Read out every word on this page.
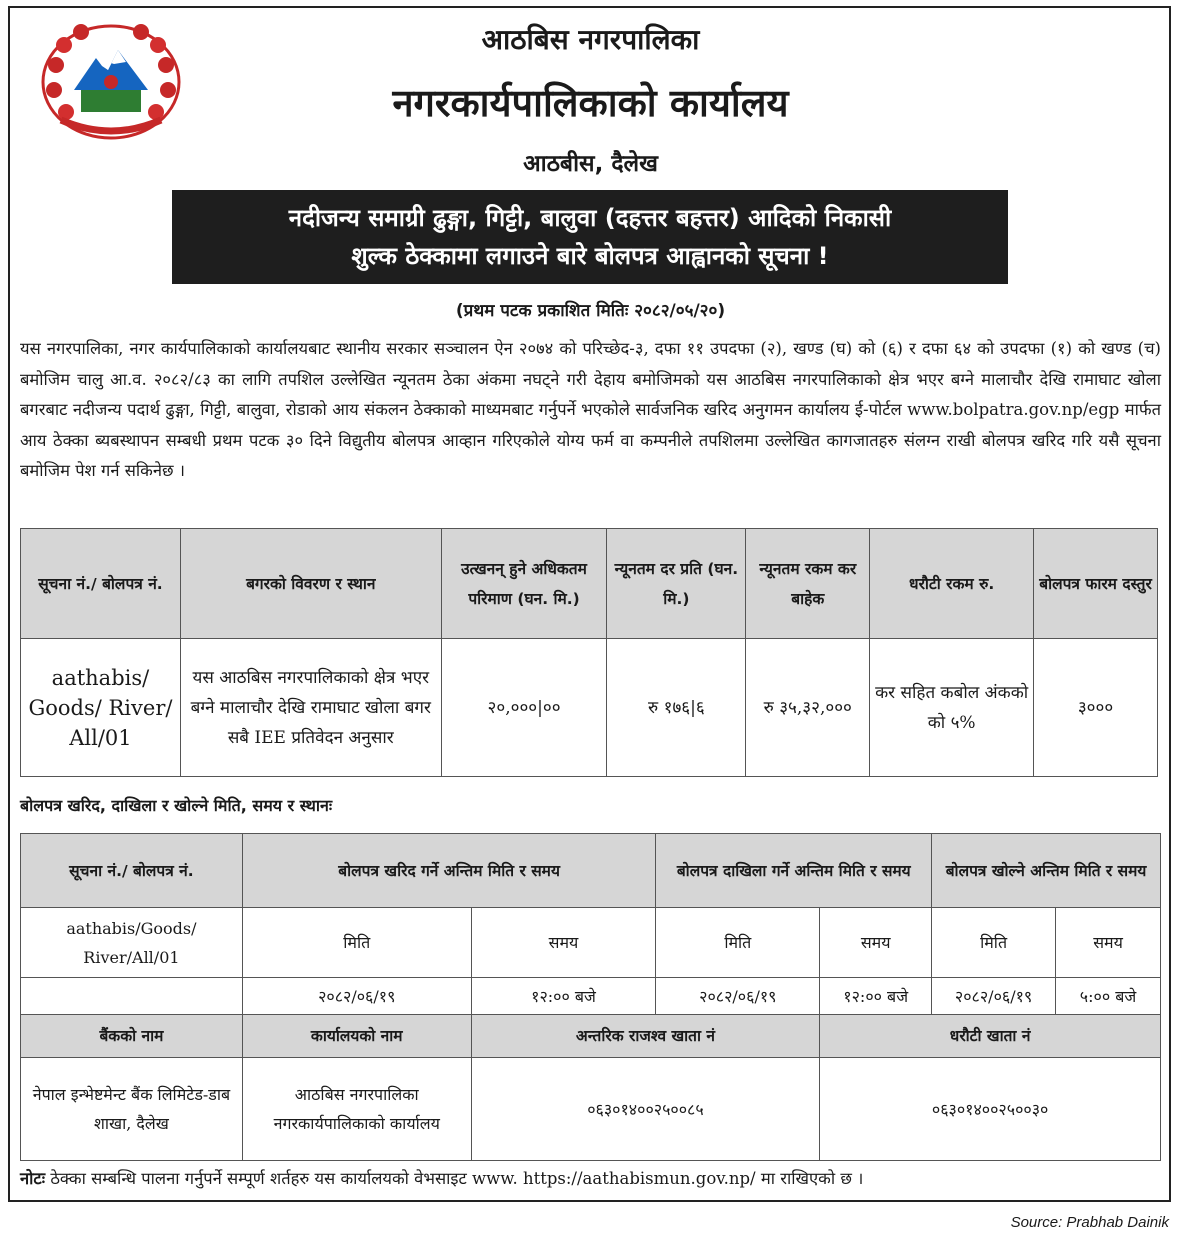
आठबिस नगरपालिका
नगरकार्यपालिकाको कार्यालय
आठबीस, दैलेख
नदीजन्य समाग्री ढुङ्गा, गिट्टी, बालुवा (दहत्तर बहत्तर) आदिको निकासी
शुल्क ठेक्कामा लगाउने बारे बोलपत्र आह्वानको सूचना !
(प्रथम पटक प्रकाशित मितिः २०८२/०५/२०)
यस नगरपालिका, नगर कार्यपालिकाको कार्यालयबाट स्थानीय सरकार सञ्चालन ऐन २०७४ को परिच्छेद-३, दफा ११ उपदफा (२), खण्ड (घ) को (६) र दफा ६४ को उपदफा (१) को खण्ड (च) बमोजिम चालु आ.व. २०८२/८३ का लागि तपशिल उल्लेखित न्यूनतम ठेका अंकमा नघट्ने गरी देहाय बमोजिमको यस आठबिस नगरपालिकाको क्षेत्र भएर बग्ने मालाचौर देखि रामाघाट खोला बगरबाट नदीजन्य पदार्थ ढुङ्गा, गिट्टी, बालुवा, रोडाको आय संकलन ठेक्काको माध्यमबाट गर्नुपर्ने भएकोले सार्वजनिक खरिद अनुगमन कार्यालय ई-पोर्टल www.bolpatra.gov.np/egp मार्फत आय ठेक्का ब्यबस्थापन सम्बधी प्रथम पटक ३० दिने विद्युतीय बोलपत्र आव्हान गरिएकोले योग्य फर्म वा कम्पनीले तपशिलमा उल्लेखित कागजातहरु संलग्न राखी बोलपत्र खरिद गरि यसै सूचना बमोजिम पेश गर्न सकिनेछ ।
सूचना नं./ बोलपत्र नं.	बगरको विवरण र स्थान	उत्खनन् हुने अधिकतम परिमाण (घन. मि.)	न्यूनतम दर प्रति (घन. मि.)	न्यूनतम रकम कर बाहेक	धरौटी रकम रु.	बोलपत्र फारम दस्तुर
aathabis/ Goods/ River/ All/01	यस आठबिस नगरपालिकाको क्षेत्र भएर बग्ने मालाचौर देखि रामाघाट खोला बगर सबै IEE प्रतिवेदन अनुसार	२०,०००|००	रु १७६|६	रु ३५,३२,०००	कर सहित कबोल अंकको को ५%	३०००
बोलपत्र खरिद, दाखिला र खोल्ने मिति, समय र स्थानः
सूचना नं./ बोलपत्र नं.	बोलपत्र खरिद गर्ने अन्तिम मिति र समय		बोलपत्र दाखिला गर्ने अन्तिम मिति र समय		बोलपत्र खोल्ने अन्तिम मिति र समय	
aathabis/Goods/ River/All/01	मिति	समय	मिति	समय	मिति	समय
	२०८२/०६/१९	१२:०० बजे	२०८२/०६/१९	१२:०० बजे	२०८२/०६/१९	५:०० बजे
बैंकको नाम	कार्यालयको नाम	अन्तरिक राजश्व खाता नं		धरौटी खाता नं		
नेपाल इन्भेष्टमेन्ट बैंक लिमिटेड-डाब शाखा, दैलेख	आठबिस नगरपालिका नगरकार्यपालिकाको कार्यालय	०६३०१४००२५००८५		०६३०१४००२५००३०		
नोटः ठेक्का सम्बन्धि पालना गर्नुपर्ने सम्पूर्ण शर्तहरु यस कार्यालयको वेभसाइट www. https://aathabismun.gov.np/ मा राखिएको छ ।
Source: Prabhab Dainik
